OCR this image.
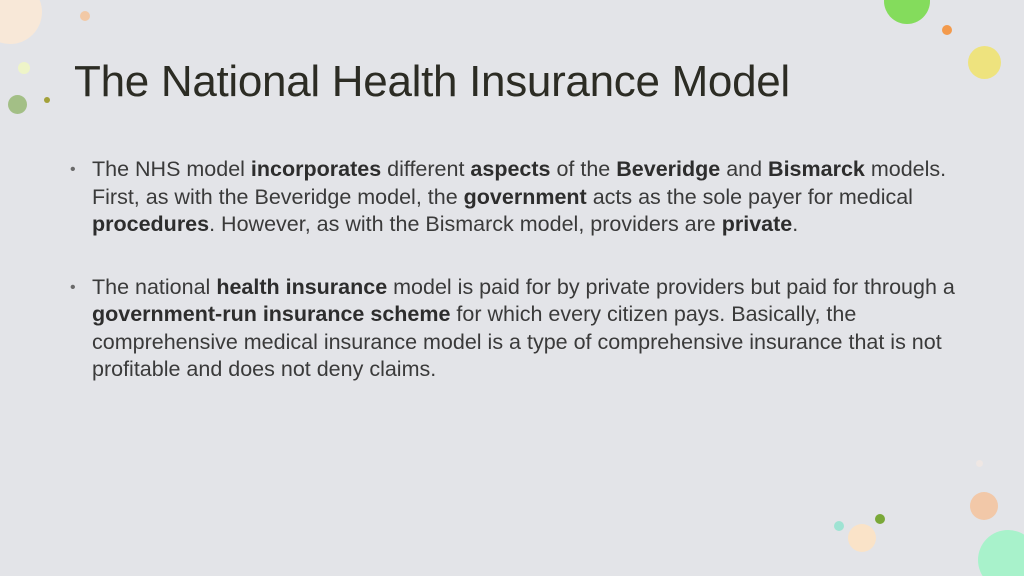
The National Health Insurance Model
• The NHS model incorporates different aspects of the Beveridge and Bismarck models. First, as with the Beveridge model, the government acts as the sole payer for medical procedures. However, as with the Bismarck model, providers are private.
• The national health insurance model is paid for by private providers but paid for through a government-run insurance scheme for which every citizen pays. Basically, the comprehensive medical insurance model is a type of comprehensive insurance that is not profitable and does not deny claims.
